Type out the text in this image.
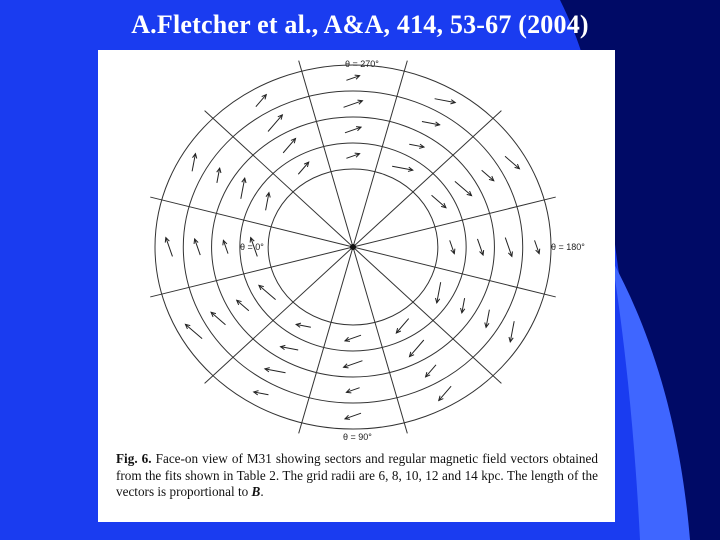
A.Fletcher et al., A&A, 414, 53-67 (2004)
θ = 270°
θ = 0°	θ = 180°
θ = 90°
Fig. 6. Face-on view of M31 showing sectors and regular magnetic field vectors obtained from the fits shown in Table 2. The grid radii are 6, 8, 10, 12 and 14 kpc. The length of the vectors is proportional to B.
